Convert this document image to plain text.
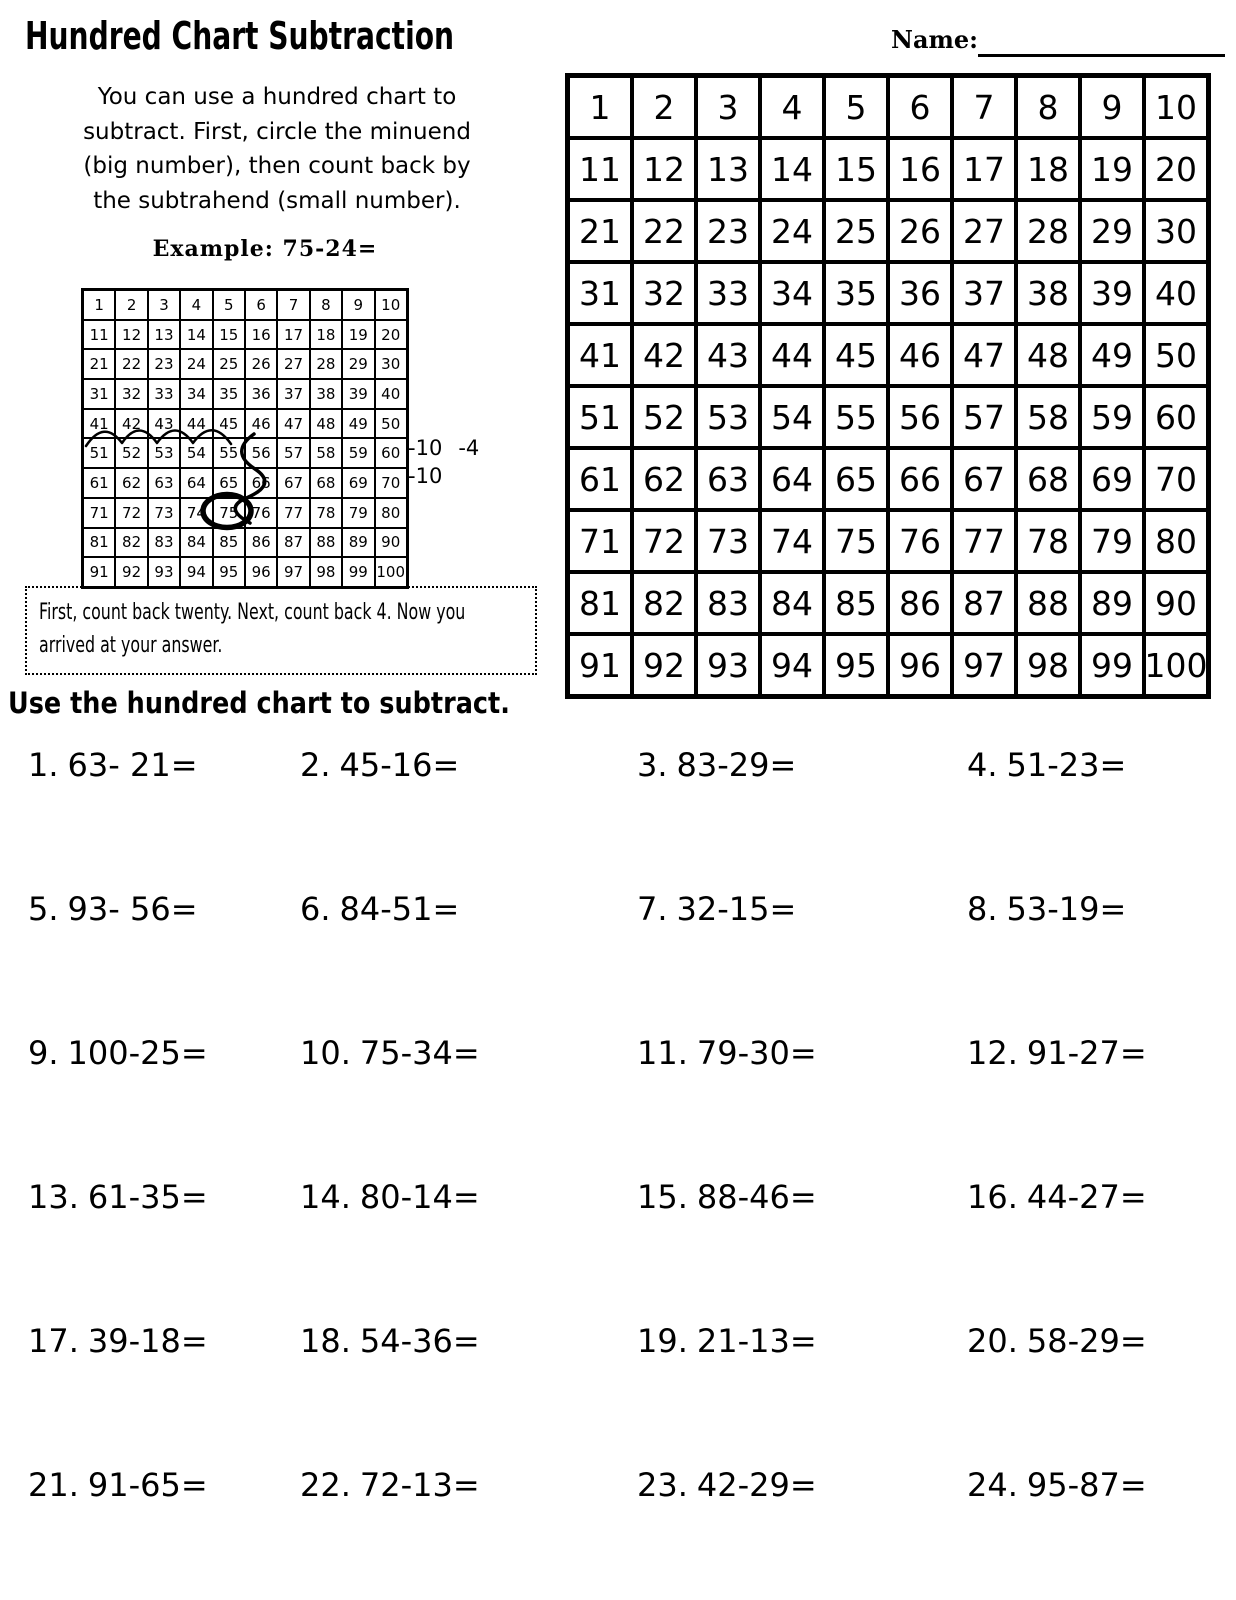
Hundred Chart Subtraction	Name:
You can use a hundred chart to
subtract. First, circle the minuend
(big number), then count back by
the subtrahend (small number).
Example: 75-24=
1	2	3	4	5	6	7	8	9	10
11 12 13 14 15 16 17 18 19 20
21 22 23 24 25 26 27 28 29 30
31 32 33 34 35 36 37 38 39 40
41 42 43 44 45 46 47 48 49 50
51 52 53 54 55 56 57 58 59 60
61 62 63 64 65 66 67 68 69 70
71 72 73 74 75 76 77 78 79 80
81 82 83 84 85 86 87 88 89 90
91 92 93 94 95 96 97 98 99 100
-10 -4
-10
First, count back twenty. Next, count back 4. Now you
arrived at your answer.
Use the hundred chart to subtract.
1	2	3	4	5	6	7	8	9 10
11 12 13 14 15 16 17 18 19 20
21 22 23 24 25 26 27 28 29 30
31 32 33 34 35 36 37 38 39 40
41 42 43 44 45 46 47 48 49 50
51 52 53 54 55 56 57 58 59 60
61 62 63 64 65 66 67 68 69 70
71 72 73 74 75 76 77 78 79 80
81 82 83 84 85 86 87 88 89 90
91 92 93 94 95 96 97 98 99 100
1. 63- 21=	2. 45-16=	3. 83-29=	4. 51-23=
5. 93- 56=	6. 84-51=	7. 32-15=	8. 53-19=
9. 100-25=	10. 75-34=	11. 79-30=	12. 91-27=
13. 61-35=	14. 80-14=	15. 88-46=	16. 44-27=
17. 39-18=	18. 54-36=	19. 21-13=	20. 58-29=
21. 91-65=	22. 72-13=	23. 42-29=	24. 95-87=
